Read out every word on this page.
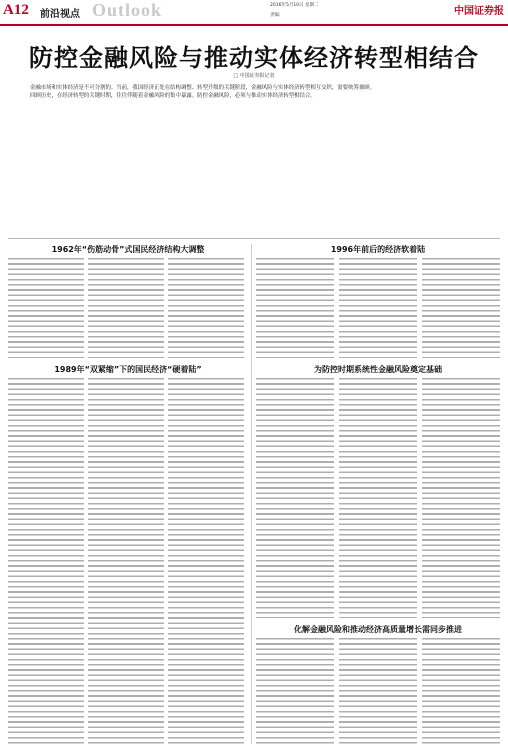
A12 前沿视点 Outlook	2016年5月10日 星期二
责编:	中国证券报
防控金融风险与推动实体经济转型相结合
□ 中国证券报记者

金融市场和实体经济是不可分割的。当前，我国经济正处在结构调整、转型升级的关键阶段，金融风险与实体经济转型相互交织，需要统筹兼顾。

回顾历史，在经济转型的关键时期，往往伴随着金融风险的集中暴露。防控金融风险，必须与推动实体经济转型相结合。

1962年“伤筋动骨”式国民经济结构大调整	1996年前后的经济软着陆
1989年“双紧缩”下的国民经济“硬着陆”	为防控时期系统性金融风险奠定基础
化解金融风险和推动经济高质量增长需同步推进
